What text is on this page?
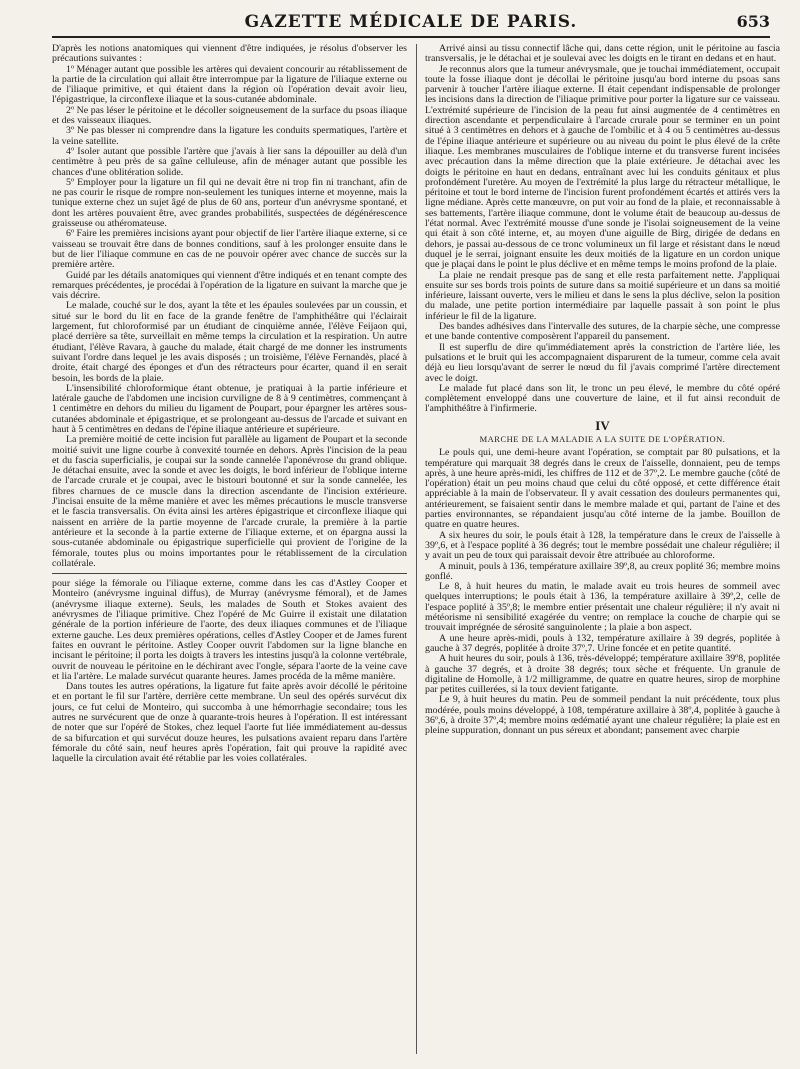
GAZETTE MÉDICALE DE PARIS.	653

D'après les notions anatomiques qui viennent d'être indiquées, je résolus d'observer les précautions suivantes :

1º Ménager autant que possible les artères qui devaient concourir au rétablissement de la partie de la circulation qui allait être interrompue par la ligature de l'iliaque externe ou de l'iliaque primitive, et qui étaient dans la région où l'opération devait avoir lieu, l'épigastrique, la circonflexe iliaque et la sous-cutanée abdominale.

2º Ne pas léser le péritoine et le décoller soigneusement de la surface du psoas iliaque et des vaisseaux iliaques.

3º Ne pas blesser ni comprendre dans la ligature les conduits spermatiques, l'artère et la veine satellite.

4º Isoler autant que possible l'artère que j'avais à lier sans la dépouiller au delà d'un centimètre à peu près de sa gaîne celluleuse, afin de ménager autant que possible les chances d'une oblitération solide.

5º Employer pour la ligature un fil qui ne devait être ni trop fin ni tranchant, afin de ne pas courir le risque de rompre non-seulement les tuniques interne et moyenne, mais la tunique externe chez un sujet âgé de plus de 60 ans, porteur d'un anévrysme spontané, et dont les artères pouvaient être, avec grandes probabilités, suspectées de dégénérescence graisseuse ou athéromateuse.

6º Faire les premières incisions ayant pour objectif de lier l'artère iliaque externe, si ce vaisseau se trouvait être dans de bonnes conditions, sauf à les prolonger ensuite dans le but de lier l'iliaque commune en cas de ne pouvoir opérer avec chance de succès sur la première artère.

Guidé par les détails anatomiques qui viennent d'être indiqués et en tenant compte des remarques précédentes, je procédai à l'opération de la ligature en suivant la marche que je vais décrire.

Le malade, couché sur le dos, ayant la tête et les épaules soulevées par un coussin, et situé sur le bord du lit en face de la grande fenêtre de l'amphithéâtre qui l'éclairait largement, fut chloroformisé par un étudiant de cinquième année, l'élève Feijaon qui, placé derrière sa tête, surveillait en même temps la circulation et la respiration. Un autre étudiant, l'élève Ravara, à gauche du malade, était chargé de me donner les instruments suivant l'ordre dans lequel je les avais disposés ; un troisième, l'élève Fernandès, placé à droite, était chargé des éponges et d'un des rétracteurs pour écarter, quand il en serait besoin, les bords de la plaie.

L'insensibilité chloroformique étant obtenue, je pratiquai à la partie inférieure et latérale gauche de l'abdomen une incision curviligne de 8 à 9 centimètres, commençant à 1 centimètre en dehors du milieu du ligament de Poupart, pour épargner les artères sous-cutanées abdominale et épigastrique, et se prolongeant au-dessus de l'arcade et suivant en haut à 5 centimètres en dedans de l'épine iliaque antérieure et supérieure.

La première moitié de cette incision fut parallèle au ligament de Poupart et la seconde moitié suivit une ligne courbe à convexité tournée en dehors. Après l'incision de la peau et du fascia superficialis, je coupai sur la sonde cannelée l'aponévrose du grand oblique. Je détachai ensuite, avec la sonde et avec les doigts, le bord inférieur de l'oblique interne de l'arcade crurale et je coupai, avec le bistouri boutonné et sur la sonde cannelée, les fibres charnues de ce muscle dans la direction ascendante de l'incision extérieure. J'incisai ensuite de la même manière et avec les mêmes précautions le muscle transverse et le fascia transversalis. On évita ainsi les artères épigastrique et circonflexe iliaque qui naissent en arrière de la partie moyenne de l'arcade crurale, la première à la partie antérieure et la seconde à la partie externe de l'iliaque externe, et on épargna aussi la sous-cutanée abdominale ou épigastrique superficielle qui provient de l'origine de la fémorale, toutes plus ou moins importantes pour le rétablissement de la circulation collatérale.

pour siége la fémorale ou l'iliaque externe, comme dans les cas d'Astley Cooper et Monteiro (anévrysme inguinal diffus), de Murray (anévrysme fémoral), et de James (anévrysme iliaque externe). Seuls, les malades de South et Stokes avaient des anévrysmes de l'iliaque primitive. Chez l'opéré de Mc Guirre il existait une dilatation générale de la portion inférieure de l'aorte, des deux iliaques communes et de l'iliaque externe gauche. Les deux premières opérations, celles d'Astley Cooper et de James furent faites en ouvrant le péritoine. Astley Cooper ouvrit l'abdomen sur la ligne blanche en incisant le péritoine; il porta les doigts à travers les intestins jusqu'à la colonne vertébrale, ouvrit de nouveau le péritoine en le déchirant avec l'ongle, sépara l'aorte de la veine cave et lia l'artère. Le malade survécut quarante heures. James procéda de la même manière.

Dans toutes les autres opérations, la ligature fut faite après avoir décollé le péritoine et en portant le fil sur l'artère, derrière cette membrane. Un seul des opérés survécut dix jours, ce fut celui de Monteiro, qui succomba à une hémorrhagie secondaire; tous les autres ne survécurent que de onze à quarante-trois heures à l'opération. Il est intéressant de noter que sur l'opéré de Stokes, chez lequel l'aorte fut liée immédiatement au-dessus de sa bifurcation et qui survécut douze heures, les pulsations avaient reparu dans l'artère fémorale du côté sain, neuf heures après l'opération, fait qui prouve la rapidité avec laquelle la circulation avait été rétablie par les voies collatérales.

Arrivé ainsi au tissu connectif lâche qui, dans cette région, unit le péritoine au fascia transversalis, je le détachai et je soulevai avec les doigts en le tirant en dedans et en haut.

Je reconnus alors que la tumeur anévrysmale, que je touchai immédiatement, occupait toute la fosse iliaque dont je décollai le péritoine jusqu'au bord interne du psoas sans parvenir à toucher l'artère iliaque externe. Il était cependant indispensable de prolonger les incisions dans la direction de l'iliaque primitive pour porter la ligature sur ce vaisseau. L'extrémité supérieure de l'incision de la peau fut ainsi augmentée de 4 centimètres en direction ascendante et perpendiculaire à l'arcade crurale pour se terminer en un point situé à 3 centimètres en dehors et à gauche de l'ombilic et à 4 ou 5 centimètres au-dessus de l'épine iliaque antérieure et supérieure ou au niveau du point le plus élevé de la crête iliaque. Les membranes musculaires de l'oblique interne et du transverse furent incisées avec précaution dans la même direction que la plaie extérieure. Je détachai avec les doigts le péritoine en haut en dedans, entraînant avec lui les conduits génitaux et plus profondément l'uretère. Au moyen de l'extrémité la plus large du rétracteur métallique, le péritoine et tout le bord interne de l'incision furent profondément écartés et attirés vers la ligne médiane. Après cette manœuvre, on put voir au fond de la plaie, et reconnaissable à ses battements, l'artère iliaque commune, dont le volume était de beaucoup au-dessus de l'état normal. Avec l'extrémité mousse d'une sonde je l'isolai soigneusement de la veine qui était à son côté interne, et, au moyen d'une aiguille de Birg, dirigée de dedans en dehors, je passai au-dessous de ce tronc volumineux un fil large et résistant dans le nœud duquel je le serrai, joignant ensuite les deux moitiés de la ligature en un cordon unique que je plaçai dans le point le plus déclive et en même temps le moins profond de la plaie.

La plaie ne rendait presque pas de sang et elle resta parfaitement nette. J'appliquai ensuite sur ses bords trois points de suture dans sa moitié supérieure et un dans sa moitié inférieure, laissant ouverte, vers le milieu et dans le sens la plus déclive, selon la position du malade, une petite portion intermédiaire par laquelle passait à son point le plus inférieur le fil de la ligature.

Des bandes adhésives dans l'intervalle des sutures, de la charpie sèche, une compresse et une bande contentive composèrent l'appareil du pansement.

Il est superflu de dire qu'immédiatement après la constriction de l'artère liée, les pulsations et le bruit qui les accompagnaient disparurent de la tumeur, comme cela avait déjà eu lieu lorsqu'avant de serrer le nœud du fil j'avais comprimé l'artère directement avec le doigt.

Le malade fut placé dans son lit, le tronc un peu élevé, le membre du côté opéré complètement enveloppé dans une couverture de laine, et il fut ainsi reconduit de l'amphithéâtre à l'infirmerie.

IV
MARCHE DE LA MALADIE A LA SUITE DE L'OPÉRATION.

Le pouls qui, une demi-heure avant l'opération, se comptait par 80 pulsations, et la température qui marquait 38 degrés dans le creux de l'aisselle, donnaient, peu de temps après, à une heure après-midi, les chiffres de 112 et de 37º,2. Le membre gauche (côté de l'opération) était un peu moins chaud que celui du côté opposé, et cette différence était appréciable à la main de l'observateur. Il y avait cessation des douleurs permanentes qui, antérieurement, se faisaient sentir dans le membre malade et qui, partant de l'aine et des parties environnantes, se répandaient jusqu'au côté interne de la jambe. Bouillon de quatre en quatre heures.

A six heures du soir, le pouls était à 128, la température dans le creux de l'aisselle à 39º,6, et à l'espace poplité à 36 degrés; tout le membre possédait une chaleur régulière; il y avait un peu de toux qui paraissait devoir être attribuée au chloroforme.

A minuit, pouls à 136, température axillaire 39º,8, au creux poplité 36; membre moins gonflé.

Le 8, à huit heures du matin, le malade avait eu trois heures de sommeil avec quelques interruptions; le pouls était à 136, la température axillaire à 39º,2, celle de l'espace poplité à 35º,8; le membre entier présentait une chaleur régulière; il n'y avait ni météorisme ni sensibilité exagérée du ventre; on remplace la couche de charpie qui se trouvait imprégnée de sérosité sanguinolente ; la plaie a bon aspect.

A une heure après-midi, pouls à 132, température axillaire à 39 degrés, poplitée à gauche à 37 degrés, poplitée à droite 37º,7. Urine foncée et en petite quantité.

A huit heures du soir, pouls à 136, très-développé; température axillaire 39º8, poplitée à gauche 37 degrés, et à droite 38 degrés; toux sèche et fréquente. Un granule de digitaline de Homolle, à 1/2 milligramme, de quatre en quatre heures, sirop de morphine par petites cuillerées, si la toux devient fatigante.

Le 9, à huit heures du matin. Peu de sommeil pendant la nuit précédente, toux plus modérée, pouls moins développé, à 108, température axillaire à 38º,4, poplitée à gauche à 36º,6, à droite 37º,4; membre moins œdématié ayant une chaleur régulière; la plaie est en pleine suppuration, donnant un pus séreux et abondant; pansement avec charpie
